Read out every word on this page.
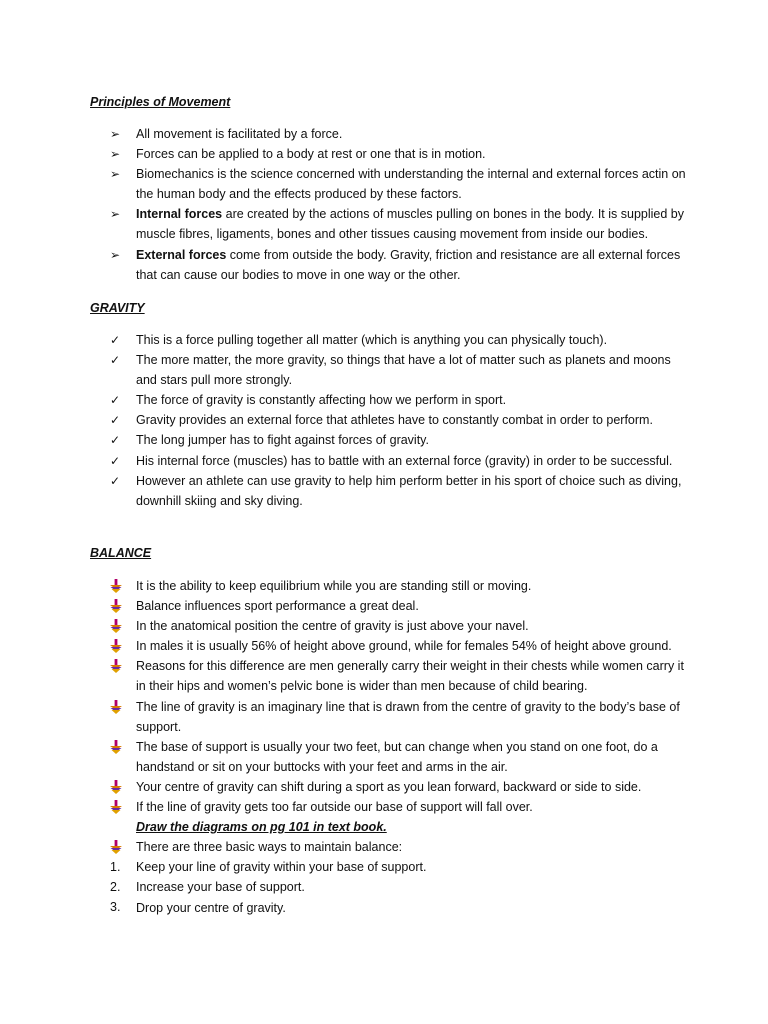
Principles of Movement
➢	All movement is facilitated by a force.
➢	Forces can be applied to a body at rest or one that is in motion.
➢	Biomechanics is the science concerned with understanding the internal and external forces actin on the human body and the effects produced by these factors.
➢	Internal forces are created by the actions of muscles pulling on bones in the body. It is supplied by muscle fibres, ligaments, bones and other tissues causing movement from inside our bodies.
➢	External forces come from outside the body. Gravity, friction and resistance are all external forces that can cause our bodies to move in one way or the other.
GRAVITY
✓	This is a force pulling together all matter (which is anything you can physically touch).
✓	The more matter, the more gravity, so things that have a lot of matter such as planets and moons and stars pull more strongly.
✓	The force of gravity is constantly affecting how we perform in sport.
✓	Gravity provides an external force that athletes have to constantly combat in order to perform.
✓	The long jumper has to fight against forces of gravity.
✓	His internal force (muscles) has to battle with an external force (gravity) in order to be successful.
✓	However an athlete can use gravity to help him perform better in his sport of choice such as diving, downhill skiing and sky diving.
BALANCE
It is the ability to keep equilibrium while you are standing still or moving.
Balance influences sport performance a great deal.
In the anatomical position the centre of gravity is just above your navel.
In males it is usually 56% of height above ground, while for females 54% of height above ground.
Reasons for this difference are men generally carry their weight in their chests while women carry it in their hips and women’s pelvic bone is wider than men because of child bearing.
The line of gravity is an imaginary line that is drawn from the centre of gravity to the body’s base of support.
The base of support is usually your two feet, but can change when you stand on one foot, do a handstand or sit on your buttocks with your feet and arms in the air.
Your centre of gravity can shift during a sport as you lean forward, backward or side to side.
If the line of gravity gets too far outside our base of support will fall over.
Draw the diagrams on pg 101 in text book.
There are three basic ways to maintain balance:
1.	Keep your line of gravity within your base of support.
2.	Increase your base of support.
3.	Drop your centre of gravity.
